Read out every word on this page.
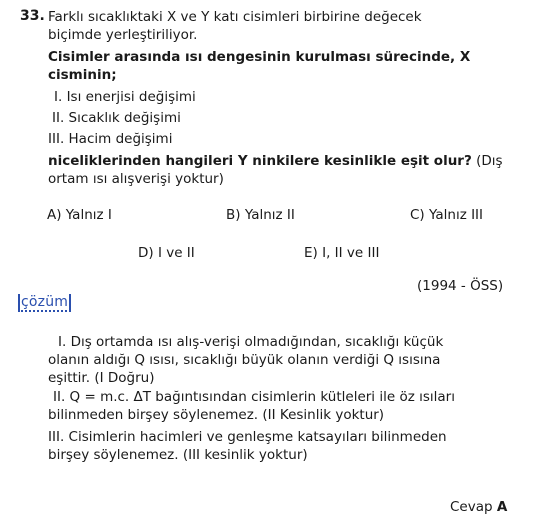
33. Farklı sıcaklıktaki X ve Y katı cisimleri birbirine değecek
biçimde yerleştiriliyor.
Cisimler arasında ısı dengesinin kurulması sürecinde, X
cisminin;
I. Isı enerjisi değişimi
II. Sıcaklık değişimi
III. Hacim değişimi
niceliklerinden hangileri Y ninkilere kesinlikle eşit olur? (Dış
ortam ısı alışverişi yoktur)
A) Yalnız I	B) Yalnız II	C) Yalnız III
D) I ve II	E) I, II ve III
(1994 - ÖSS)
çözüm
I. Dış ortamda ısı alış-verişi olmadığından, sıcaklığı küçük
olanın aldığı Q ısısı, sıcaklığı büyük olanın verdiği Q ısısına
eşittir. (I Doğru)
II. Q = m.c. ΔT bağıntısından cisimlerin kütleleri ile öz ısıları
bilinmeden birşey söylenemez. (II Kesinlik yoktur)
III. Cisimlerin hacimleri ve genleşme katsayıları bilinmeden
birşey söylenemez. (III kesinlik yoktur)
Cevap A
